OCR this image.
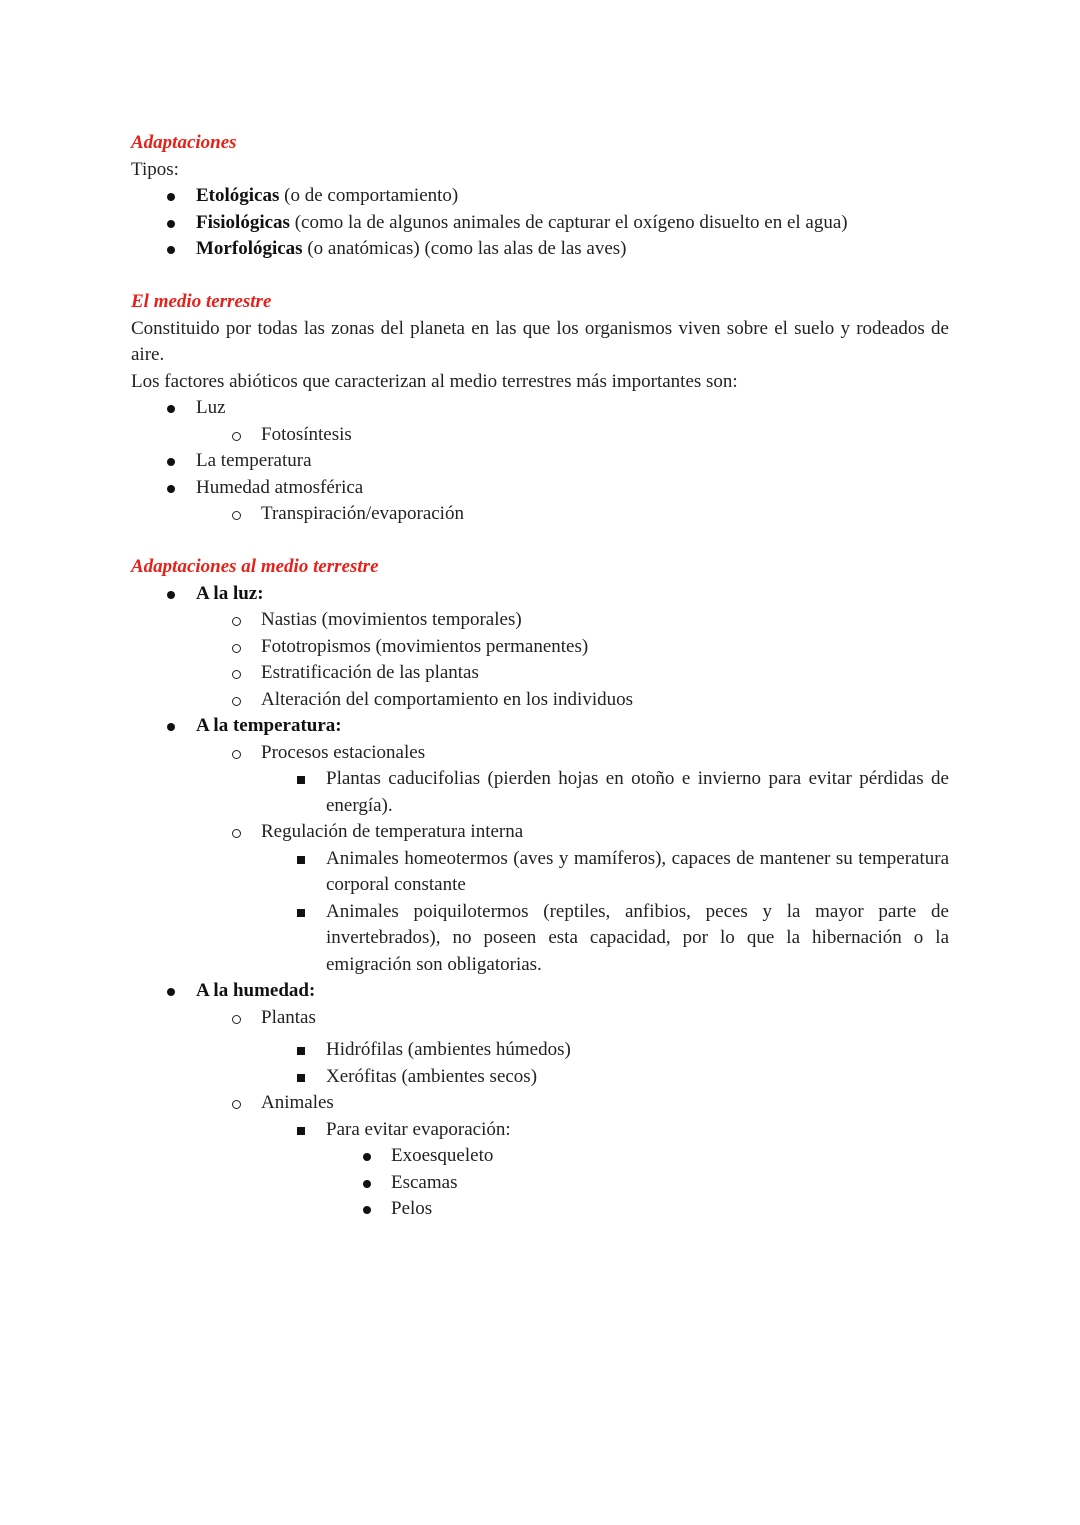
Adaptaciones
Tipos:
Etológicas (o de comportamiento)
Fisiológicas (como la de algunos animales de capturar el oxígeno disuelto en el agua)
Morfológicas (o anatómicas) (como las alas de las aves)
El medio terrestre
Constituido por todas las zonas del planeta en las que los organismos viven sobre el suelo y rodeados de aire.
Los factores abióticos que caracterizan al medio terrestres más importantes son:
Luz
Fotosíntesis
La temperatura
Humedad atmosférica
Transpiración/evaporación
Adaptaciones al medio terrestre
A la luz:
Nastias (movimientos temporales)
Fototropismos (movimientos permanentes)
Estratificación de las plantas
Alteración del comportamiento en los individuos
A la temperatura:
Procesos estacionales
Plantas caducifolias (pierden hojas en otoño e invierno para evitar pérdidas de energía).
Regulación de temperatura interna
Animales homeotermos (aves y mamíferos), capaces de mantener su temperatura corporal constante
Animales poiquilotermos (reptiles, anfibios, peces y la mayor parte de invertebrados), no poseen esta capacidad, por lo que la hibernación o la emigración son obligatorias.
A la humedad:
Plantas
Hidrófilas (ambientes húmedos)
Xerófitas (ambientes secos)
Animales
Para evitar evaporación:
Exoesqueleto
Escamas
Pelos
